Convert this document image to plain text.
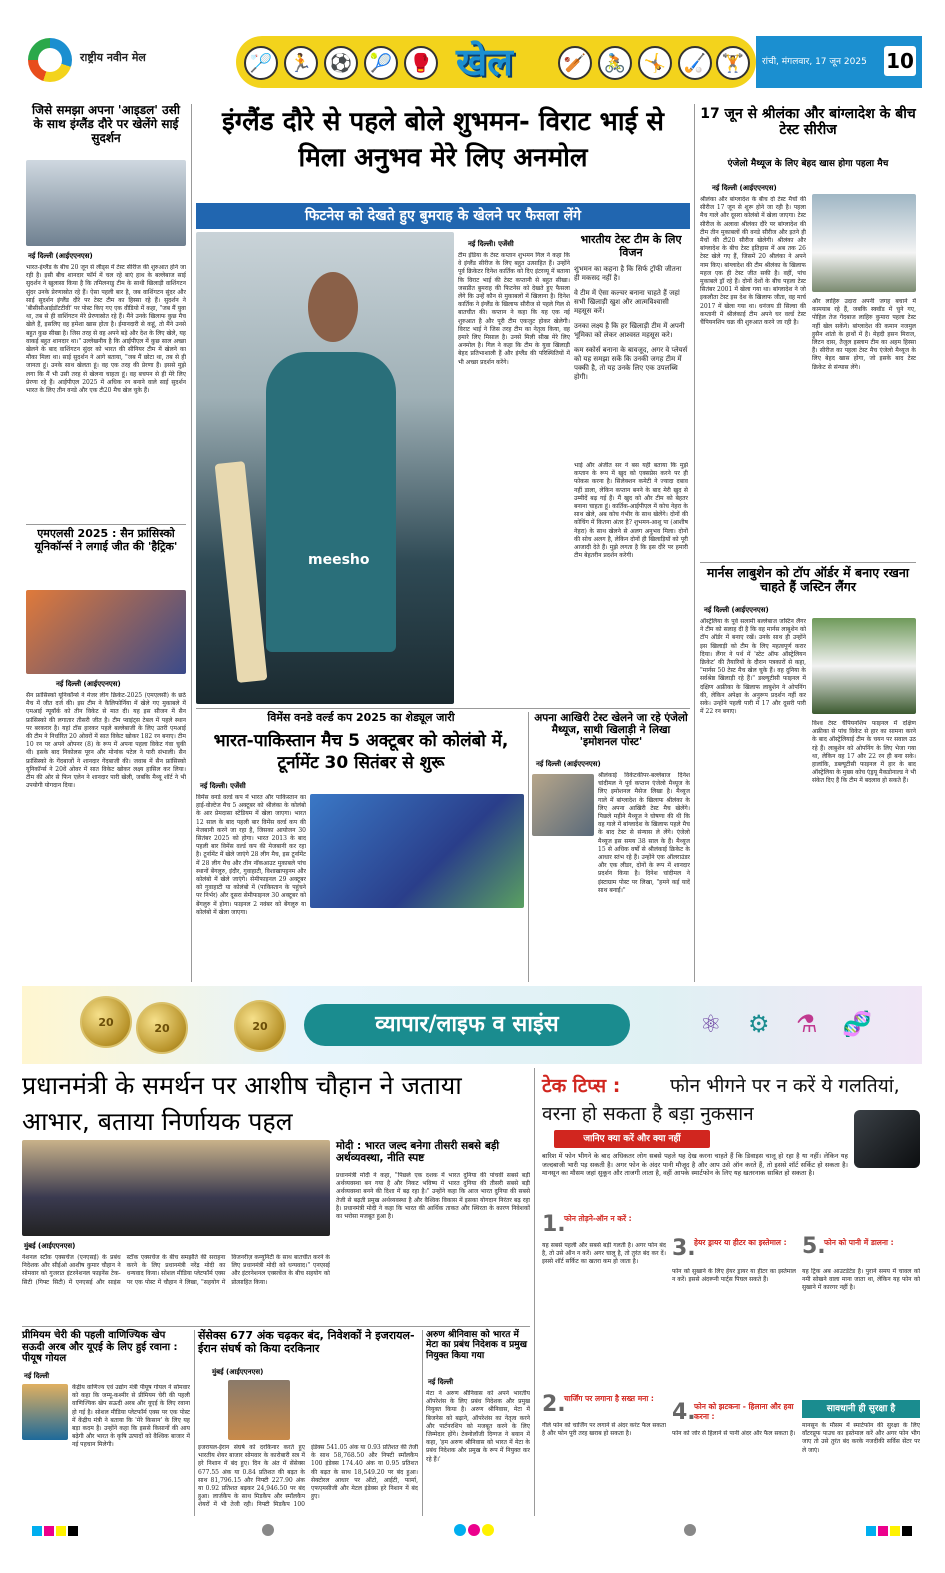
राष्ट्रीय नवीन मेल	🏸 🏃 ⚽ 🎾 🥊 खेल	🏏 🚴 🤸 🏑 🏋	रांची, मंगलवार, 17 जून 2025 10
जिसे समझा अपना 'आइडल' उसी के साथ इंग्लैंड दौरे पर खेलेंगे साई सुदर्शन
नई दिल्ली (आईएएनएस)
भारत-इंग्लैंड के बीच 20 जून से लीड्स में टेस्ट सीरीज की शुरुआत होने जा रही है। इसी बीच शानदार फॉर्म में चल रहे बाएं हाथ के बल्लेबाज साई सुदर्शन ने खुलासा किया है कि तमिलनाडु टीम के साथी खिलाड़ी वाशिंगटन सुंदर उनके प्रेरणास्रोत रहे हैं। ऐसा पहली बार है, जब वाशिंगटन सुंदर और साई सुदर्शन इंग्लैंड दौरे पर टेस्ट टीम का हिस्सा रहे हैं। सुदर्शन ने 'बीसीसीआईडॉटटीवी' पर पोस्ट किए गए एक वीडियो में कहा, "जब मैं युवा था, तब से ही वाशिंगटन मेरे प्रेरणास्रोत रहे हैं। मैंने उनके खिलाफ कुछ मैच खेले हैं, इसलिए वह हमेशा खास होता है। ईमानदारी से कहूं, तो मैंने उनसे बहुत कुछ सीखा है। जिस तरह से वह अपने बड़े और देश के लिए खेले, यह वाकई बहुत शानदार था।" उल्लेखनीय है कि आईपीएल में कुछ साल अच्छा खेलने के बाद वाशिंगटन सुंदर को भारत की सीनियर टीम में खेलने का मौका मिला था। साई सुदर्शन ने आगे बताया, "जब मैं छोटा था, तब से ही जानता हूं। उनके साथ खेलता हूं। वह एक तरह की प्रेरणा हैं। इससे मुझे लगा कि मैं भी उसी तरह से खेलना चाहता हूं। वह बचपन से ही मेरे लिए प्रेरणा रहे हैं। आईपीएल 2025 में अधिक रन बनाने वाले साई सुदर्शन भारत के लिए तीन वनडे और एक टी20 मैच खेल चुके हैं।
एमएलसी 2025 : सैन फ्रांसिस्को यूनिकॉर्न्स ने लगाई जीत की 'हैट्रिक'
नई दिल्ली (आईएएनएस)
सैन फ्रांसिस्को यूनिकॉर्न्स ने मेजर लीग क्रिकेट-2025 (एमएलसी) के छठे मैच में जीत दर्ज की। इस टीम ने कैलिफोर्निया में खेले गए मुकाबले में एमआई न्यूयॉर्क को तीन विकेट से मात दी। यह इस सीजन में सैन फ्रांसिस्को की लगातार तीसरी जीत है। टीम प्वाइंट्स टेबल में पहले स्थान पर बरकरार है। यहां टॉस हारकर पहले बल्लेबाजी के लिए उतरी एमआई की टीम ने निर्धारित 20 ओवरों में सात विकेट खोकर 182 रन बनाए। टीम 10 रन पर अपने ओपनर (8) के रूप में अपना पहला विकेट गंवा चुकी थी। इसके बाद निकोलस पूरन और मोनांक पटेल ने पारी संभाली। सैन फ्रांसिस्को के गेंदबाजों ने शानदार गेंदबाजी की। जवाब में सैन फ्रांसिस्को यूनिकॉर्न्स ने 20वें ओवर में सात विकेट खोकर लक्ष्य हासिल कर लिया। टीम की ओर से फिन एलेन ने शानदार पारी खेली, जबकि मैथ्यू शॉर्ट ने भी उपयोगी योगदान दिया।
इंग्लैंड दौरे से पहले बोले शुभमन- विराट भाई से मिला अनुभव मेरे लिए अनमोल
फिटनेस को देखते हुए बुमराह के खेलने पर फैसला लेंगे
meesho
नई दिल्ली। एजेंसी
टीम इंडिया के टेस्ट कप्तान शुभमन गिल ने कहा कि वे इंग्लैंड सीरीज के लिए बहुत उत्साहित हैं। उन्होंने पूर्व क्रिकेटर दिनेश कार्तिक को दिए इंटरव्यू में बताया कि विराट भाई की टेस्ट कप्तानी से बहुत सीखा। जसप्रीत बुमराह की फिटनेस को देखते हुए फैसला लेंगे कि उन्हें कौन से मुकाबलों में खिलाना है। दिनेश कार्तिक ने इंग्लैंड के खिलाफ सीरीज से पहले गिल से बातचीत की। कप्तान ने कहा कि यह एक नई शुरुआत है और पूरी टीम एकजुट होकर खेलेगी। विराट भाई ने जिस तरह टीम का नेतृत्व किया, वह हमारे लिए मिसाल है। उनसे मिली सीख मेरे लिए अनमोल है। गिल ने कहा कि टीम के युवा खिलाड़ी बेहद प्रतिभाशाली हैं और इंग्लैंड की परिस्थितियों में भी अच्छा प्रदर्शन करेंगे।
भारतीय टेस्ट टीम के लिए विजन
शुभमन का कहना है कि सिर्फ ट्रॉफी जीतना ही मकसद नहीं है।
वे टीम में ऐसा कल्चर बनाना चाहते हैं जहां सभी खिलाड़ी खुश और आत्मविश्वासी महसूस करें।
उनका लक्ष्य है कि हर खिलाड़ी टीम में अपनी भूमिका को लेकर आश्वस्त महसूस करे।
कम स्कोर्स बनाना के बावजूद, अगर वे प्लेयर्स को यह समझा सकें कि उनकी जगह टीम में पक्की है, तो यह उनके लिए एक उपलब्धि होगी।
भाई और अंजीत सर ने बस यही बताया कि मुझे कप्तान के रूप में खुद को एक्सप्रेस करने पर ही फोकस करना है। सिलेक्शन कमेटी ने ज्यादा दबाव नहीं डाला, लेकिन कप्तान बनने के बाद मेरी खुद से उम्मीदें बढ़ गई हैं। मैं खुद को और टीम को बेहतर बनाना चाहता हूं। कार्तिक-आईपीएल में कोच नेहरा के साथ खेले, अब कोच गंभीर के साथ खेलेंगे। दोनों की कोचिंग में कितना अंतर है? शुभमन-आशु पा (आशीष नेहरा) के साथ खेलने से अलग अनुभव मिला। दोनों की सोच अलग है, लेकिन दोनों ही खिलाड़ियों को पूरी आजादी देते हैं। मुझे लगता है कि इस दौरे पर हमारी टीम बेहतरीन प्रदर्शन करेगी।
17 जून से श्रीलंका और बांग्लादेश के बीच टेस्ट सीरीज
एंजेलो मैथ्यूज के लिए बेहद खास होगा पहला मैच
नई दिल्ली (आईएएनएस)
श्रीलंका और बांग्लादेश के बीच दो टेस्ट मैचों की सीरीज 17 जून से शुरू होने जा रही है। पहला मैच गाले और दूसरा कोलंबो में खेला जाएगा। टेस्ट सीरीज के अलावा श्रीलंका दौरे पर बांग्लादेश की टीम तीन मुकाबलों की वनडे सीरीज और इतने ही मैचों की टी20 सीरीज खेलेगी। श्रीलंका और बांग्लादेश के बीच टेस्ट इतिहास में अब तक 26 टेस्ट खेले गए हैं, जिसमें 20 श्रीलंका ने अपने नाम किए। बांग्लादेश की टीम श्रीलंका के खिलाफ महज एक ही टेस्ट जीत सकी है। वहीं, पांच मुकाबले ड्रॉ रहे हैं। दोनों देशों के बीच पहला टेस्ट सितंबर 2001 में खेला गया था। बांग्लादेश ने जो इकलौता टेस्ट इस देश के खिलाफ जीता, वह मार्च 2017 में खेला गया था। धनंजय डी सिल्वा की कप्तानी में श्रीलंकाई टीम अपने घर वर्ल्ड टेस्ट चैंपियनशिप चक्र की शुरुआत करने जा रही है।
और लाहिरु उदारा अपनी जगह बचाने में कामयाब रहे हैं, जबकि स्क्वॉड में चुने गए, पोहिल तेज गेंदबाज लाहिरु कुमारा पहला टेस्ट नहीं खेल सकेंगे। बांग्लादेश की कमान नजमुल हुसैन शांतो के हाथों में है। मेहदी हसन मिराज, लिटन दास, तैजुल इस्लाम टीम का अहम हिस्सा हैं। सीरीज का पहला टेस्ट मैच एंजेलो मैथ्यूज के लिए बेहद खास होगा, जो इसके बाद टेस्ट क्रिकेट से संन्यास लेंगे।
मार्नस लाबुशेन को टॉप ऑर्डर में बनाए रखना चाहते हैं जस्टिन लैंगर
नई दिल्ली (आईएएनएस)
ऑस्ट्रेलिया के पूर्व सलामी बल्लेबाज जस्टिन लैंगर ने टीम को सलाह दी है कि वह मार्नस लाबुशेन को टॉप ऑर्डर में बनाए रखें। उनके साथ ही उन्होंने इस खिलाड़ी को टीम के लिए महत्वपूर्ण करार दिया। लैंगर ने पर्थ में 'स्टेट ऑफ ऑस्ट्रेलियन क्रिकेट' की तैयारियों के दौरान पत्रकारों से कहा, "मार्नस 50 टेस्ट मैच खेल चुके हैं। वह दुनिया के सर्वश्रेष्ठ खिलाड़ी रहे हैं।" डब्ल्यूटीसी फाइनल में दक्षिण अफ्रीका के खिलाफ लाबुशेन ने ओपनिंग की, लेकिन अपेक्षा के अनुरूप प्रदर्शन नहीं कर सके। उन्होंने पहली पारी में 17 और दूसरी पारी में 22 रन बनाए।
विश्व टेस्ट चैंपियनशिप फाइनल में दक्षिण अफ्रीका से पांच विकेट से हार का सामना करने के बाद ऑस्ट्रेलियाई टीम के चयन पर सवाल उठ रहे हैं। लाबुशेन को ओपनिंग के लिए भेजा गया था, लेकिन वह 17 और 22 रन ही बना सके। हालांकि, डब्ल्यूटीसी फाइनल में हार के बाद ऑस्ट्रेलिया के मुख्य कोच एंड्रयू मैकडोनाल्ड ने भी संकेत दिए हैं कि टीम में बदलाव हो सकते हैं।
विमेंस वनडे वर्ल्ड कप 2025 का शेड्यूल जारी
भारत-पाकिस्तान मैच 5 अक्टूबर को कोलंबो में, टूर्नामेंट 30 सितंबर से शुरू
नई दिल्ली। एजेंसी
विमेंस वनडे वर्ल्ड कप में भारत और पाकिस्तान का हाई-वोल्टेज मैच 5 अक्टूबर को श्रीलंका के कोलंबो के आर प्रेमदासा स्टेडियम में खेला जाएगा। भारत 12 साल के बाद पहली बार विमेंस वर्ल्ड कप की मेजबानी करने जा रहा है, जिसका आयोजन 30 सितंबर 2025 को होगा। भारत 2013 के बाद पहली बार विमेंस वर्ल्ड कप की मेजबानी कर रहा है। टूर्नामेंट में खेले जाएंगे 28 लीग मैच, इस टूर्नामेंट में 28 लीग मैच और तीन नॉकआउट मुकाबले पांच स्थानों बेंगलुरु, इंदौर, गुवाहाटी, विशाखापट्टनम और कोलंबो में खेले जाएंगे। सेमीफाइनल 29 अक्टूबर को गुवाहाटी या कोलंबो में (पाकिस्तान के पहुंचने पर निर्भर) और दूसरा सेमीफाइनल 30 अक्टूबर को बेंगलुरु में होगा। फाइनल 2 नवंबर को बेंगलुरु या कोलंबो में खेला जाएगा।
अपना आखिरी टेस्ट खेलने जा रहे एंजेलो मैथ्यूज, साथी खिलाड़ी ने लिखा 'इमोशनल पोस्ट'
नई दिल्ली (आईएएनएस)
श्रीलंकाई विकेटकीपर-बल्लेबाज दिनेश चांदीमल ने पूर्व कप्तान एंजेलो मैथ्यूज के लिए इमोशनल मैसेज लिखा है। मैथ्यूज गाले में बांग्लादेश के खिलाफ श्रीलंका के लिए अपना आखिरी टेस्ट मैच खेलेंगे। पिछले महीने मैथ्यूज ने घोषणा की थी कि वह गाले में बांग्लादेश के खिलाफ पहले मैच के बाद टेस्ट से संन्यास ले लेंगे। एंजेलो मैथ्यूज इस समय 38 साल के हैं। मैथ्यूज 15 से अधिक वर्षों से श्रीलंकाई क्रिकेट के आधार स्तंभ रहे हैं। उन्होंने एक ऑलराउंडर और एक लीडर, दोनों के रूप में शानदार प्रदर्शन किया है। दिनेश चांदीमल ने इंस्टाग्राम पोस्ट पर लिखा, "हमने कई यादें साथ बनाईं।"
20	20	20	व्यापार/लाइफ व साइंस	⚛ ⚙ ⚗ 🧬
प्रधानमंत्री के समर्थन पर आशीष चौहान ने जताया आभार, बताया निर्णायक पहल
मोदी : भारत जल्द बनेगा तीसरी सबसे बड़ी अर्थव्यवस्था, नीति स्पष्ट
प्रधानमंत्री मोदी ने कहा, "पिछले एक दशक में भारत दुनिया की पांचवीं सबसे बड़ी अर्थव्यवस्था बन गया है और निकट भविष्य में भारत दुनिया की तीसरी सबसे बड़ी अर्थव्यवस्था बनने की दिशा में बढ़ रहा है।" उन्होंने कहा कि आज भारत दुनिया की सबसे तेजी से बढ़ती प्रमुख अर्थव्यवस्था है और वैश्विक विकास में इसका योगदान निरंतर बढ़ रहा है। प्रधानमंत्री मोदी ने कहा कि भारत की आर्थिक ताकत और स्थिरता के कारण निवेशकों का भरोसा मजबूत हुआ है।
मुंबई (आईएएनएस)
नेशनल स्टॉक एक्सचेंज (एनएसई) के प्रबंध निदेशक और सीईओ आशीष कुमार चौहान ने सोमवार को गुजरात इंटरनेशनल फाइनेंस टेक-सिटी (गिफ्ट सिटी) में एनएसई और साइंस स्टॉक एक्सचेंज के बीच समझौते की सराहना करने के लिए प्रधानमंत्री नरेंद्र मोदी का धन्यवाद किया। सोशल मीडिया प्लेटफॉर्म एक्स पर एक पोस्ट में चौहान ने लिखा, "सहयोग में विजनरीज़ कम्युनिटी के साथ बातचीत करने के लिए प्रधानमंत्री मोदी को धन्यवाद।" एनएसई और इंटरनेशनल एक्सचेंज के बीच सहयोग को प्रोत्साहित किया।
प्रीमियम चेरी की पहली वाणिज्यिक खेप सऊदी अरब और यूएई के लिए हुई रवाना : पीयूष गोयल
नई दिल्ली
केंद्रीय वाणिज्य एवं उद्योग मंत्री पीयूष गोयल ने सोमवार को कहा कि जम्मू-कश्मीर से प्रीमियम चेरी की पहली वाणिज्यिक खेप सऊदी अरब और यूएई के लिए रवाना हो गई है। सोशल मीडिया प्लेटफॉर्म एक्स पर एक पोस्ट में केंद्रीय मंत्री ने बताया कि 'मेरे किसान' के लिए यह बड़ा कदम है। उन्होंने कहा कि इससे किसानों की आय बढ़ेगी और भारत के कृषि उत्पादों को वैश्विक बाजार में नई पहचान मिलेगी।
सेंसेक्स 677 अंक चढ़कर बंद, निवेशकों ने इजरायल-ईरान संघर्ष को किया दरकिनार
मुंबई (आईएएनएस)
इजरायल-ईरान संघर्ष को दरकिनार करते हुए भारतीय शेयर बाजार सोमवार के कारोबारी सत्र में हरे निशान में बंद हुए। दिन के अंत में सेंसेक्स 677.55 अंक या 0.84 प्रतिशत की बढ़त के साथ 81,796.15 और निफ्टी 227.90 अंक या 0.92 प्रतिशत बढ़कर 24,946.50 पर बंद हुआ। लार्जकैप के साथ मिडकैप और स्मॉलकैप शेयरों में भी तेजी रही। निफ्टी मिडकैप 100 इंडेक्स 541.05 अंक या 0.93 प्रतिशत की तेजी के साथ 58,768.50 और निफ्टी स्मॉलकैप 100 इंडेक्स 174.40 अंक या 0.95 प्रतिशत की बढ़त के साथ 18,549.20 पर बंद हुआ। सेक्टोरल आधार पर ऑटो, आईटी, फार्मा, एफएमसीजी और मेटल इंडेक्स हरे निशान में बंद हुए।
अरुण श्रीनिवास को भारत में मेटा का प्रबंध निदेशक व प्रमुख नियुक्त किया गया
नई दिल्ली
मेटा ने अरुण श्रीनिवास को अपने भारतीय ऑपरेशंस के लिए प्रबंध निदेशक और प्रमुख नियुक्त किया है। अरुण श्रीनिवास, मेटा में बिजनेस को बढ़ाने, ऑपरेशंस का नेतृत्व करने और पार्टनरशिप को मजबूत करने के लिए जिम्मेदार होंगे। टेक्नोलॉजी दिग्गज ने बयान में कहा, 'हम अरुण श्रीनिवास को भारत में मेटा के प्रबंध निदेशक और प्रमुख के रूप में नियुक्त कर रहे हैं।'
टेक टिप्स :	फोन भीगने पर न करें ये गलतियां, वरना हो सकता है बड़ा नुकसान
जानिए क्या करें और क्या नहीं
बारिश में फोन भीगने के बाद अधिकतर लोग सबसे पहले यह देख करना चाहते हैं कि डिवाइस चालू हो रहा है या नहीं। लेकिन यह जल्दबाजी भारी पड़ सकती है। अगर फोन के अंदर पानी मौजूद है और आप उसे ऑन करते हैं, तो इससे शॉर्ट सर्किट हो सकता है। मानसून का मौसम जहां सुकून और ताजगी लाता है, वहीं आपके स्मार्टफोन के लिए यह खतरनाक साबित हो सकता है।
1.
फोन तोड़ने-ऑन न करें :
यह सबसे पहली और सबसे बड़ी गलती है। अगर फोन बंद है, तो उसे ऑन न करें। अगर चालू है, तो तुरंत बंद कर दें। इससे शॉर्ट सर्किट का खतरा कम हो जाता है।
2.
चार्जिंग पर लगाना है सख्त मना :
गीले फोन को चार्जिंग पर लगाने से अंदर करंट फैल सकता है और फोन पूरी तरह खराब हो सकता है।
3.
हेयर ड्रायर या हीटर का इस्तेमाल :
फोन को सुखाने के लिए हेयर ड्रायर या हीटर का इस्तेमाल न करें। इससे अंदरूनी पार्ट्स पिघल सकते हैं।
4.
फोन को झटकना - हिलाना और हवा करना :
फोन को जोर से हिलाने से पानी अंदर और फैल सकता है।
5.
फोन को पानी में डालना :
यह ट्रिक अब आउटडेटेड है। पुराने समय में चावल को नमी सोखने वाला माना जाता था, लेकिन यह फोन को सुखाने में कारगर नहीं है।
सावधानी ही सुरक्षा है
मानसून के मौसम में स्मार्टफोन की सुरक्षा के लिए वॉटरप्रूफ पाउच का इस्तेमाल करें और अगर फोन भीग जाए तो उसे तुरंत बंद करके नजदीकी सर्विस सेंटर पर ले जाएं।
